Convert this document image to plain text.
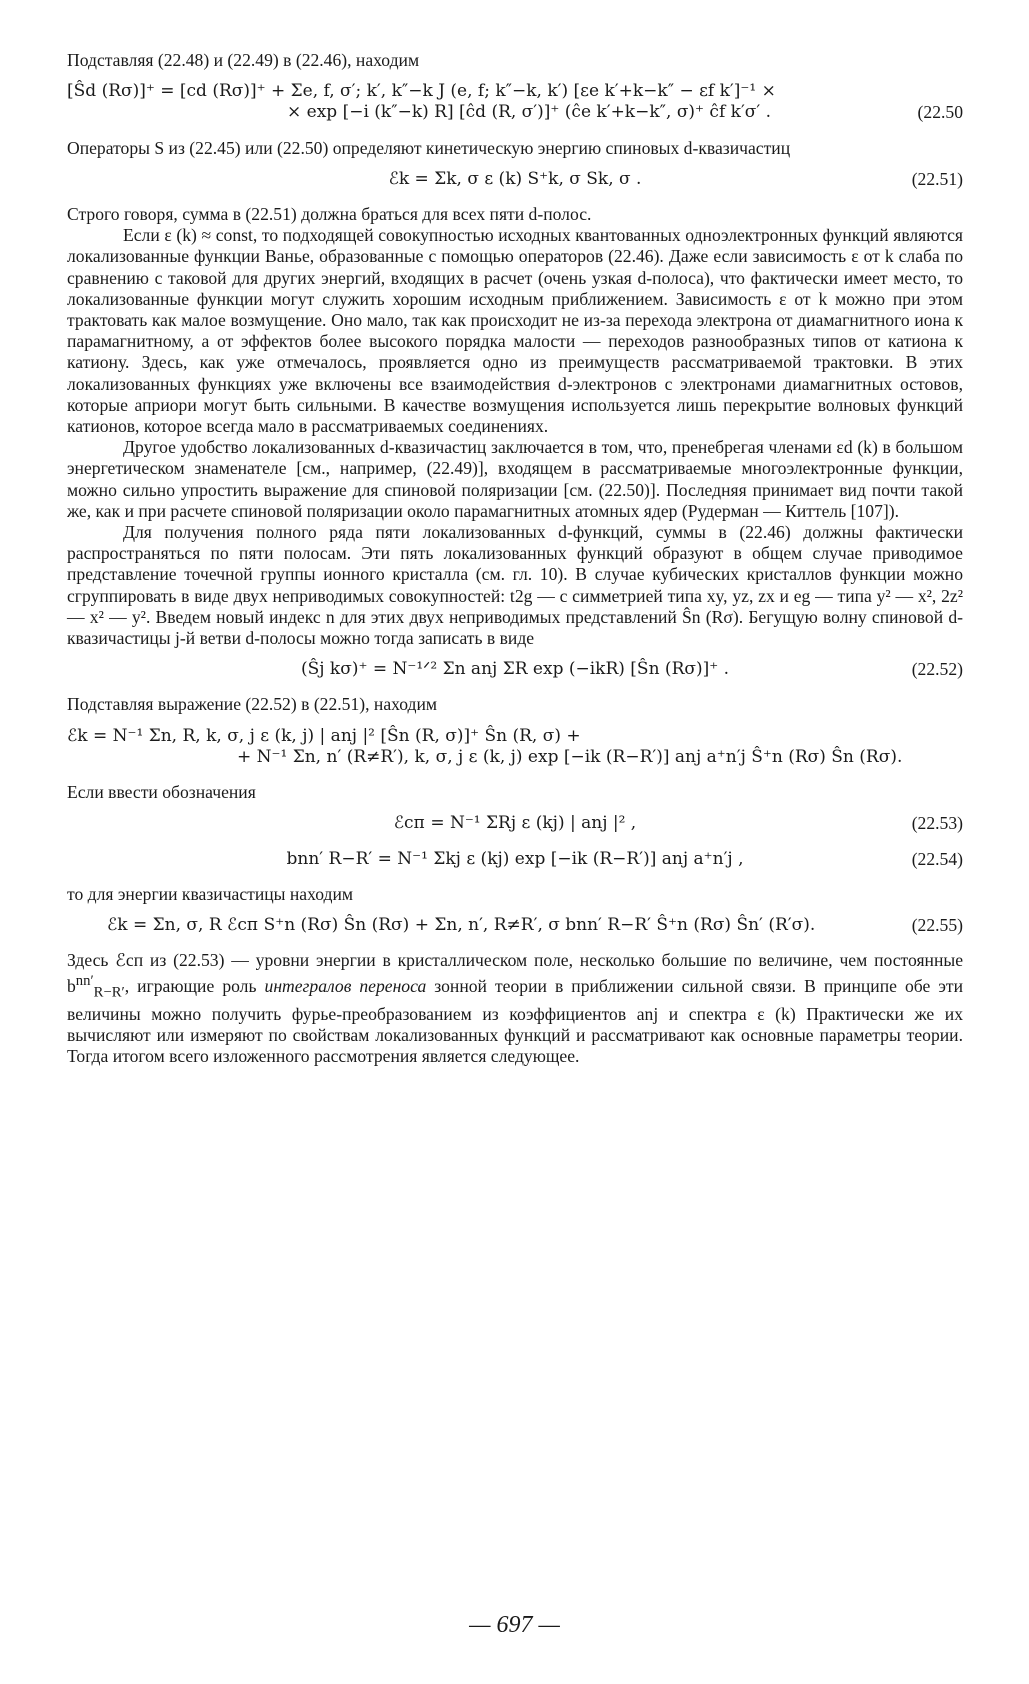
Подставляя (22.48) и (22.49) в (22.46), находим

[Ŝd (Rσ)]⁺ = [cd (Rσ)]⁺ + Σe, f, σ′; k′, k″−k J (e, f; k″−k, k′) [εe k′+k−k″ − εf k′]⁻¹ ×
× exp [−i (k″−k) R] [ĉd (R, σ′)]⁺ (ĉe k′+k−k″, σ)⁺ ĉf k′σ′ .	(22.50

Операторы S из (22.45) или (22.50) определяют кинетическую энергию спиновых d-квазичастиц

ℰk = Σk, σ ε (k) S⁺k, σ Sk, σ .	(22.51)

Строго говоря, сумма в (22.51) должна браться для всех пяти d-полос.

Если ε (k) ≈ const, то подходящей совокупностью исходных квантованных одноэлектронных функций являются локализованные функции Ванье, образованные с помощью операторов (22.46). Даже если зависимость ε от k слаба по сравнению с таковой для других энергий, входящих в расчет (очень узкая d-полоса), что фактически имеет место, то локализованные функции могут служить хорошим исходным приближением. Зависимость ε от k можно при этом трактовать как малое возмущение. Оно мало, так как происходит не из-за перехода электрона от диамагнитного иона к парамагнитному, а от эффектов более высокого порядка малости — переходов разнообразных типов от катиона к катиону. Здесь, как уже отмечалось, проявляется одно из преимуществ рассматриваемой трактовки. В этих локализованных функциях уже включены все взаимодействия d-электронов с электронами диамагнитных остовов, которые априори могут быть сильными. В качестве возмущения используется лишь перекрытие волновых функций катионов, которое всегда мало в рассматриваемых соединениях.

Другое удобство локализованных d-квазичастиц заключается в том, что, пренебрегая членами εd (k) в большом энергетическом знаменателе [см., например, (22.49)], входящем в рассматриваемые многоэлектронные функции, можно сильно упростить выражение для спиновой поляризации [см. (22.50)]. Последняя принимает вид почти такой же, как и при расчете спиновой поляризации около парамагнитных атомных ядер (Рудерман — Киттель [107]).

Для получения полного ряда пяти локализованных d-функций, суммы в (22.46) должны фактически распространяться по пяти полосам. Эти пять локализованных функций образуют в общем случае приводимое представление точечной группы ионного кристалла (см. гл. 10). В случае кубических кристаллов функции можно сгруппировать в виде двух неприводимых совокупностей: t2g — с симметрией типа xy, yz, zx и eg — типа y² — x², 2z² — x² — y². Введем новый индекс n для этих двух неприводимых представлений Ŝn (Rσ). Бегущую волну спиновой d-квазичастицы j-й ветви d-полосы можно тогда записать в виде

(Ŝj kσ)⁺ = N⁻¹ᐟ² Σn anj ΣR exp (−ikR) [Ŝn (Rσ)]⁺ .	(22.52)

Подставляя выражение (22.52) в (22.51), находим

ℰk = N⁻¹ Σn, R, k, σ, j ε (k, j) | anj |² [Ŝn (R, σ)]⁺ Ŝn (R, σ) +
+ N⁻¹ Σn, n′ (R≠R′), k, σ, j ε (k, j) exp [−ik (R−R′)] anj a⁺n′j Ŝ⁺n (Rσ) Ŝn (Rσ).

Если ввести обозначения

ℰсп = N⁻¹ ΣRj ε (kj) | anj |² ,	(22.53)
bnn′ R−R′ = N⁻¹ Σkj ε (kj) exp [−ik (R−R′)] anj a⁺n′j ,	(22.54)

то для энергии квазичастицы находим

ℰk = Σn, σ, R ℰсп S⁺n (Rσ) Ŝn (Rσ) + Σn, n′, R≠R′, σ bnn′ R−R′ Ŝ⁺n (Rσ) Ŝn′ (R′σ).	(22.55)

Здесь ℰсп из (22.53) — уровни энергии в кристаллическом поле, несколько большие по величине, чем постоянные $b^{nn'}_{R-R'}$, играющие роль интегралов переноса зонной теории в приближении сильной связи. В принципе обе эти величины можно получить фурье-преобразованием из коэффициентов anj и спектра ε (k) Практически же их вычисляют или измеряют по свойствам локализованных функций и рассматривают как основные параметры теории. Тогда итогом всего изложенного рассмотрения является следующее.

— 697 —
